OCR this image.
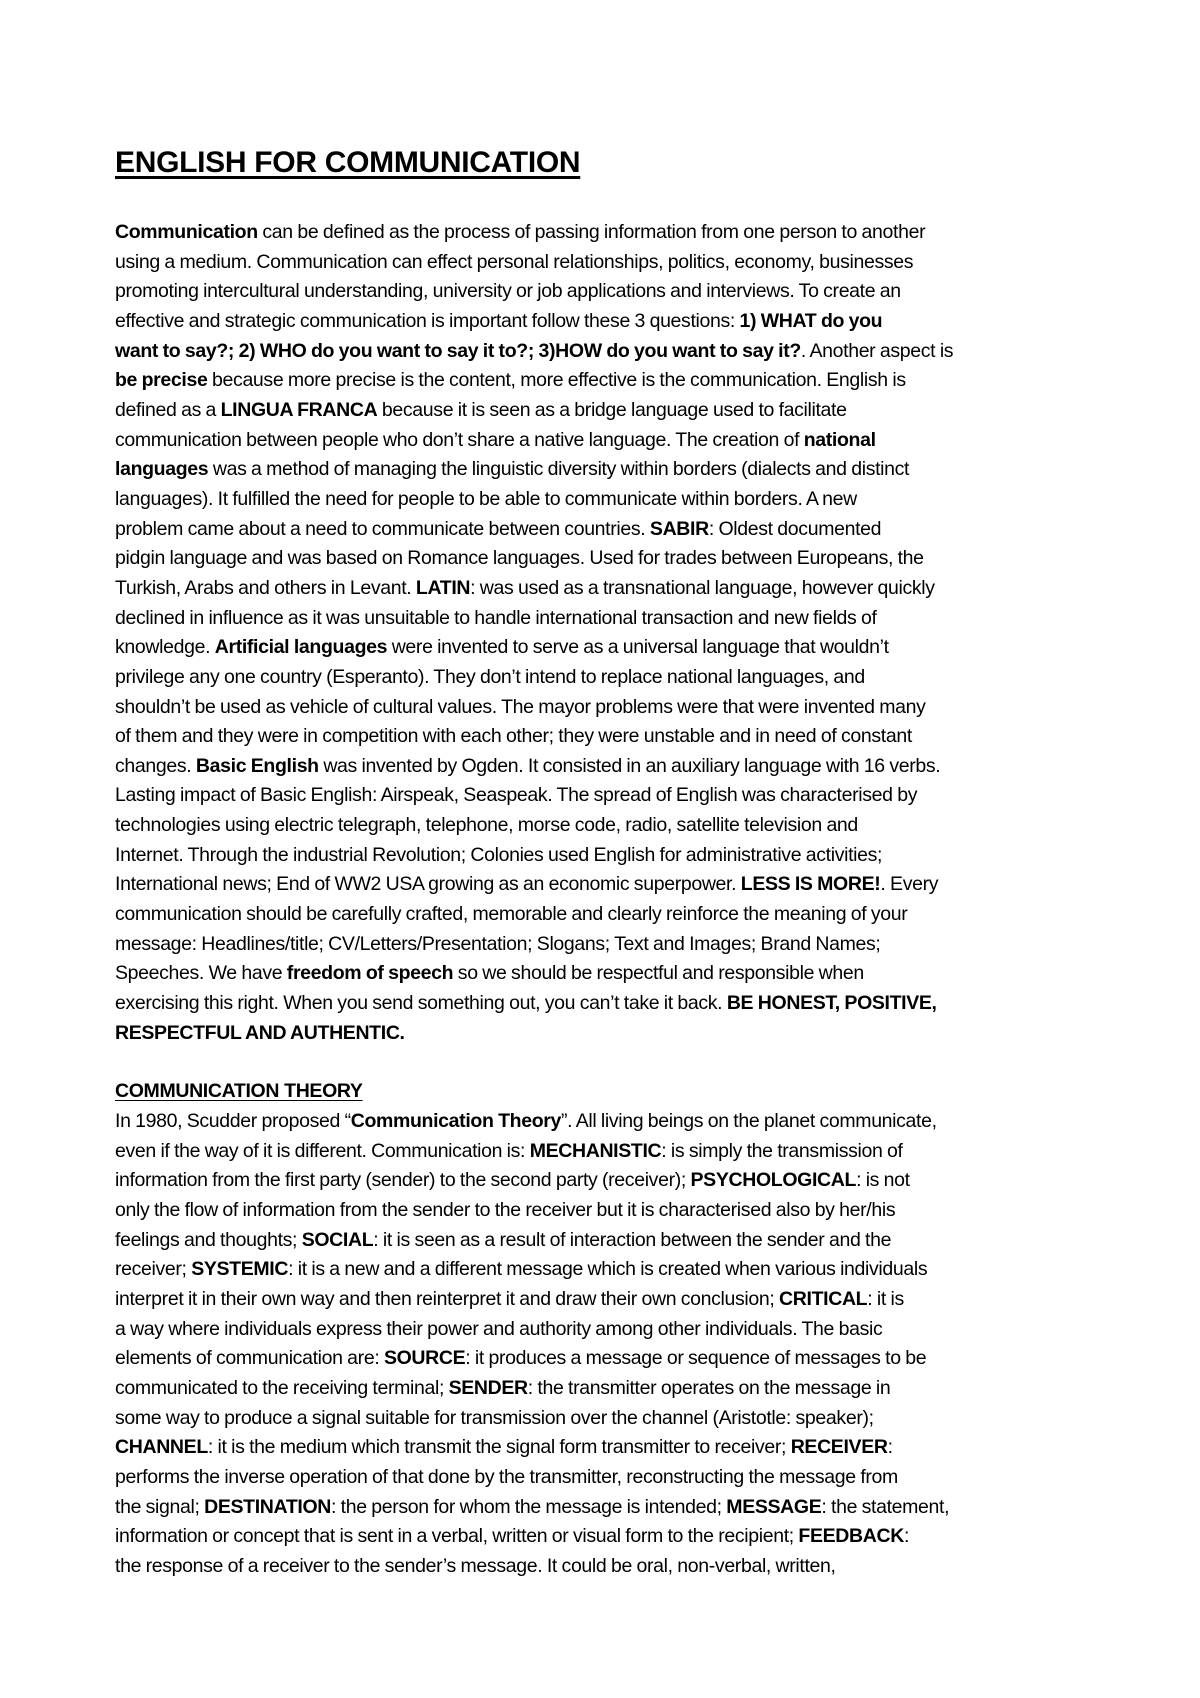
ENGLISH FOR COMMUNICATION

Communication can be defined as the process of passing information from one person to another
using a medium. Communication can effect personal relationships, politics, economy, businesses
promoting intercultural understanding, university or job applications and interviews. To create an
effective and strategic communication is important follow these 3 questions: 1) WHAT do you
want to say?; 2) WHO do you want to say it to?; 3)HOW do you want to say it?. Another aspect is
be precise because more precise is the content, more effective is the communication. English is
defined as a LINGUA FRANCA because it is seen as a bridge language used to facilitate
communication between people who don’t share a native language. The creation of national
languages was a method of managing the linguistic diversity within borders (dialects and distinct
languages). It fulfilled the need for people to be able to communicate within borders. A new
problem came about a need to communicate between countries. SABIR: Oldest documented
pidgin language and was based on Romance languages. Used for trades between Europeans, the
Turkish, Arabs and others in Levant. LATIN: was used as a transnational language, however quickly
declined in influence as it was unsuitable to handle international transaction and new fields of
knowledge. Artificial languages were invented to serve as a universal language that wouldn’t
privilege any one country (Esperanto). They don’t intend to replace national languages, and
shouldn’t be used as vehicle of cultural values. The mayor problems were that were invented many
of them and they were in competition with each other; they were unstable and in need of constant
changes. Basic English was invented by Ogden. It consisted in an auxiliary language with 16 verbs.
Lasting impact of Basic English: Airspeak, Seaspeak. The spread of English was characterised by
technologies using electric telegraph, telephone, morse code, radio, satellite television and
Internet. Through the industrial Revolution; Colonies used English for administrative activities;
International news; End of WW2 USA growing as an economic superpower. LESS IS MORE!. Every
communication should be carefully crafted, memorable and clearly reinforce the meaning of your
message: Headlines/title; CV/Letters/Presentation; Slogans; Text and Images; Brand Names;
Speeches. We have freedom of speech so we should be respectful and responsible when
exercising this right. When you send something out, you can’t take it back. BE HONEST, POSITIVE,
RESPECTFUL AND AUTHENTIC.

COMMUNICATION THEORY

In 1980, Scudder proposed “Communication Theory”. All living beings on the planet communicate,
even if the way of it is different. Communication is: MECHANISTIC: is simply the transmission of
information from the first party (sender) to the second party (receiver); PSYCHOLOGICAL: is not
only the flow of information from the sender to the receiver but it is characterised also by her/his
feelings and thoughts; SOCIAL: it is seen as a result of interaction between the sender and the
receiver; SYSTEMIC: it is a new and a different message which is created when various individuals
interpret it in their own way and then reinterpret it and draw their own conclusion; CRITICAL: it is
a way where individuals express their power and authority among other individuals. The basic
elements of communication are: SOURCE: it produces a message or sequence of messages to be
communicated to the receiving terminal; SENDER: the transmitter operates on the message in
some way to produce a signal suitable for transmission over the channel (Aristotle: speaker);
CHANNEL: it is the medium which transmit the signal form transmitter to receiver; RECEIVER:
performs the inverse operation of that done by the transmitter, reconstructing the message from
the signal; DESTINATION: the person for whom the message is intended; MESSAGE: the statement,
information or concept that is sent in a verbal, written or visual form to the recipient; FEEDBACK:
the response of a receiver to the sender’s message. It could be oral, non-verbal, written,
